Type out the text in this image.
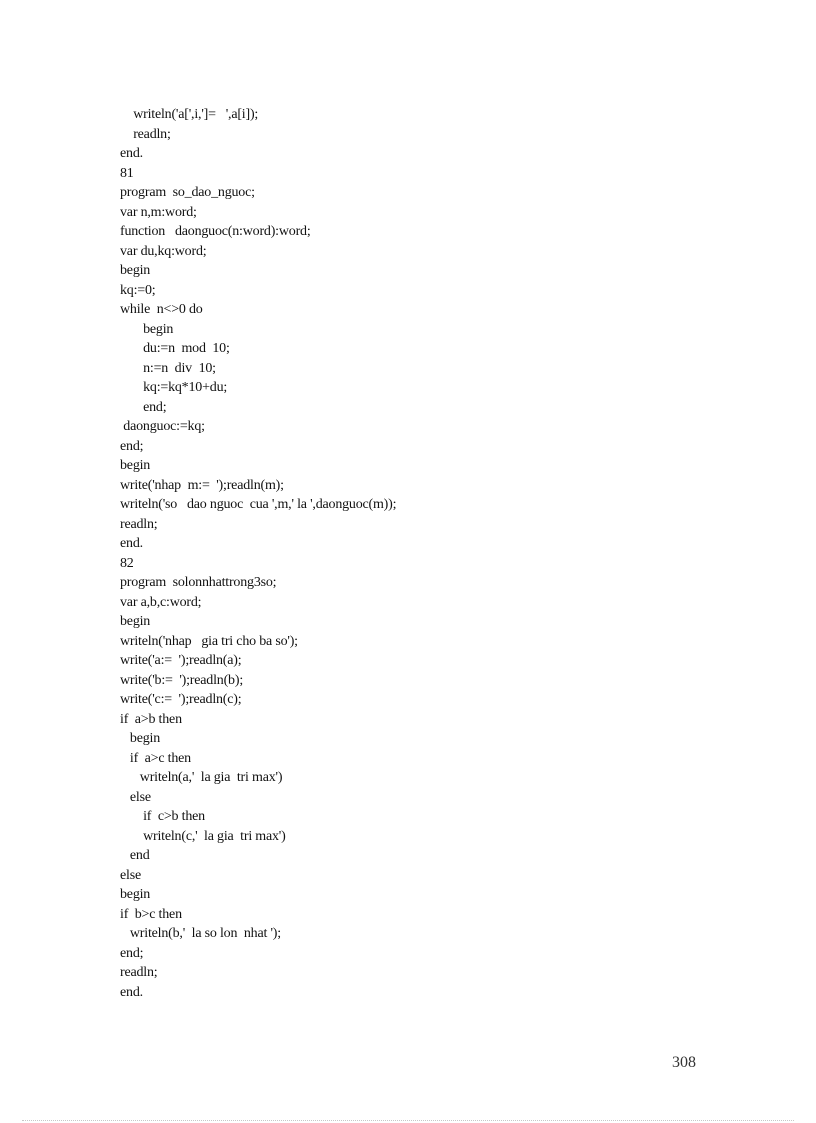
writeln('a[',i,']=   ',a[i]);
readln;
end.
81
program  so_dao_nguoc;
var n,m:word;
function   daonguoc(n:word):word;
var du,kq:word;
begin
kq:=0;
while  n<>0 do
begin
du:=n  mod  10;
n:=n  div  10;
kq:=kq*10+du;
end;
daonguoc:=kq;
end;
begin
write('nhap  m:=  ');readln(m);
writeln('so   dao nguoc  cua ',m,' la ',daonguoc(m));
readln;
end.
82
program  solonnhattrong3so;
var a,b,c:word;
begin
writeln('nhap   gia tri cho ba so');
write('a:=  ');readln(a);
write('b:=  ');readln(b);
write('c:=  ');readln(c);
if  a>b then
begin
if  a>c then
writeln(a,'  la gia  tri max')
else
if  c>b then
writeln(c,'  la gia  tri max')
end
else
begin
if  b>c then
writeln(b,'  la so lon  nhat ');
end;
readln;
end.
308
